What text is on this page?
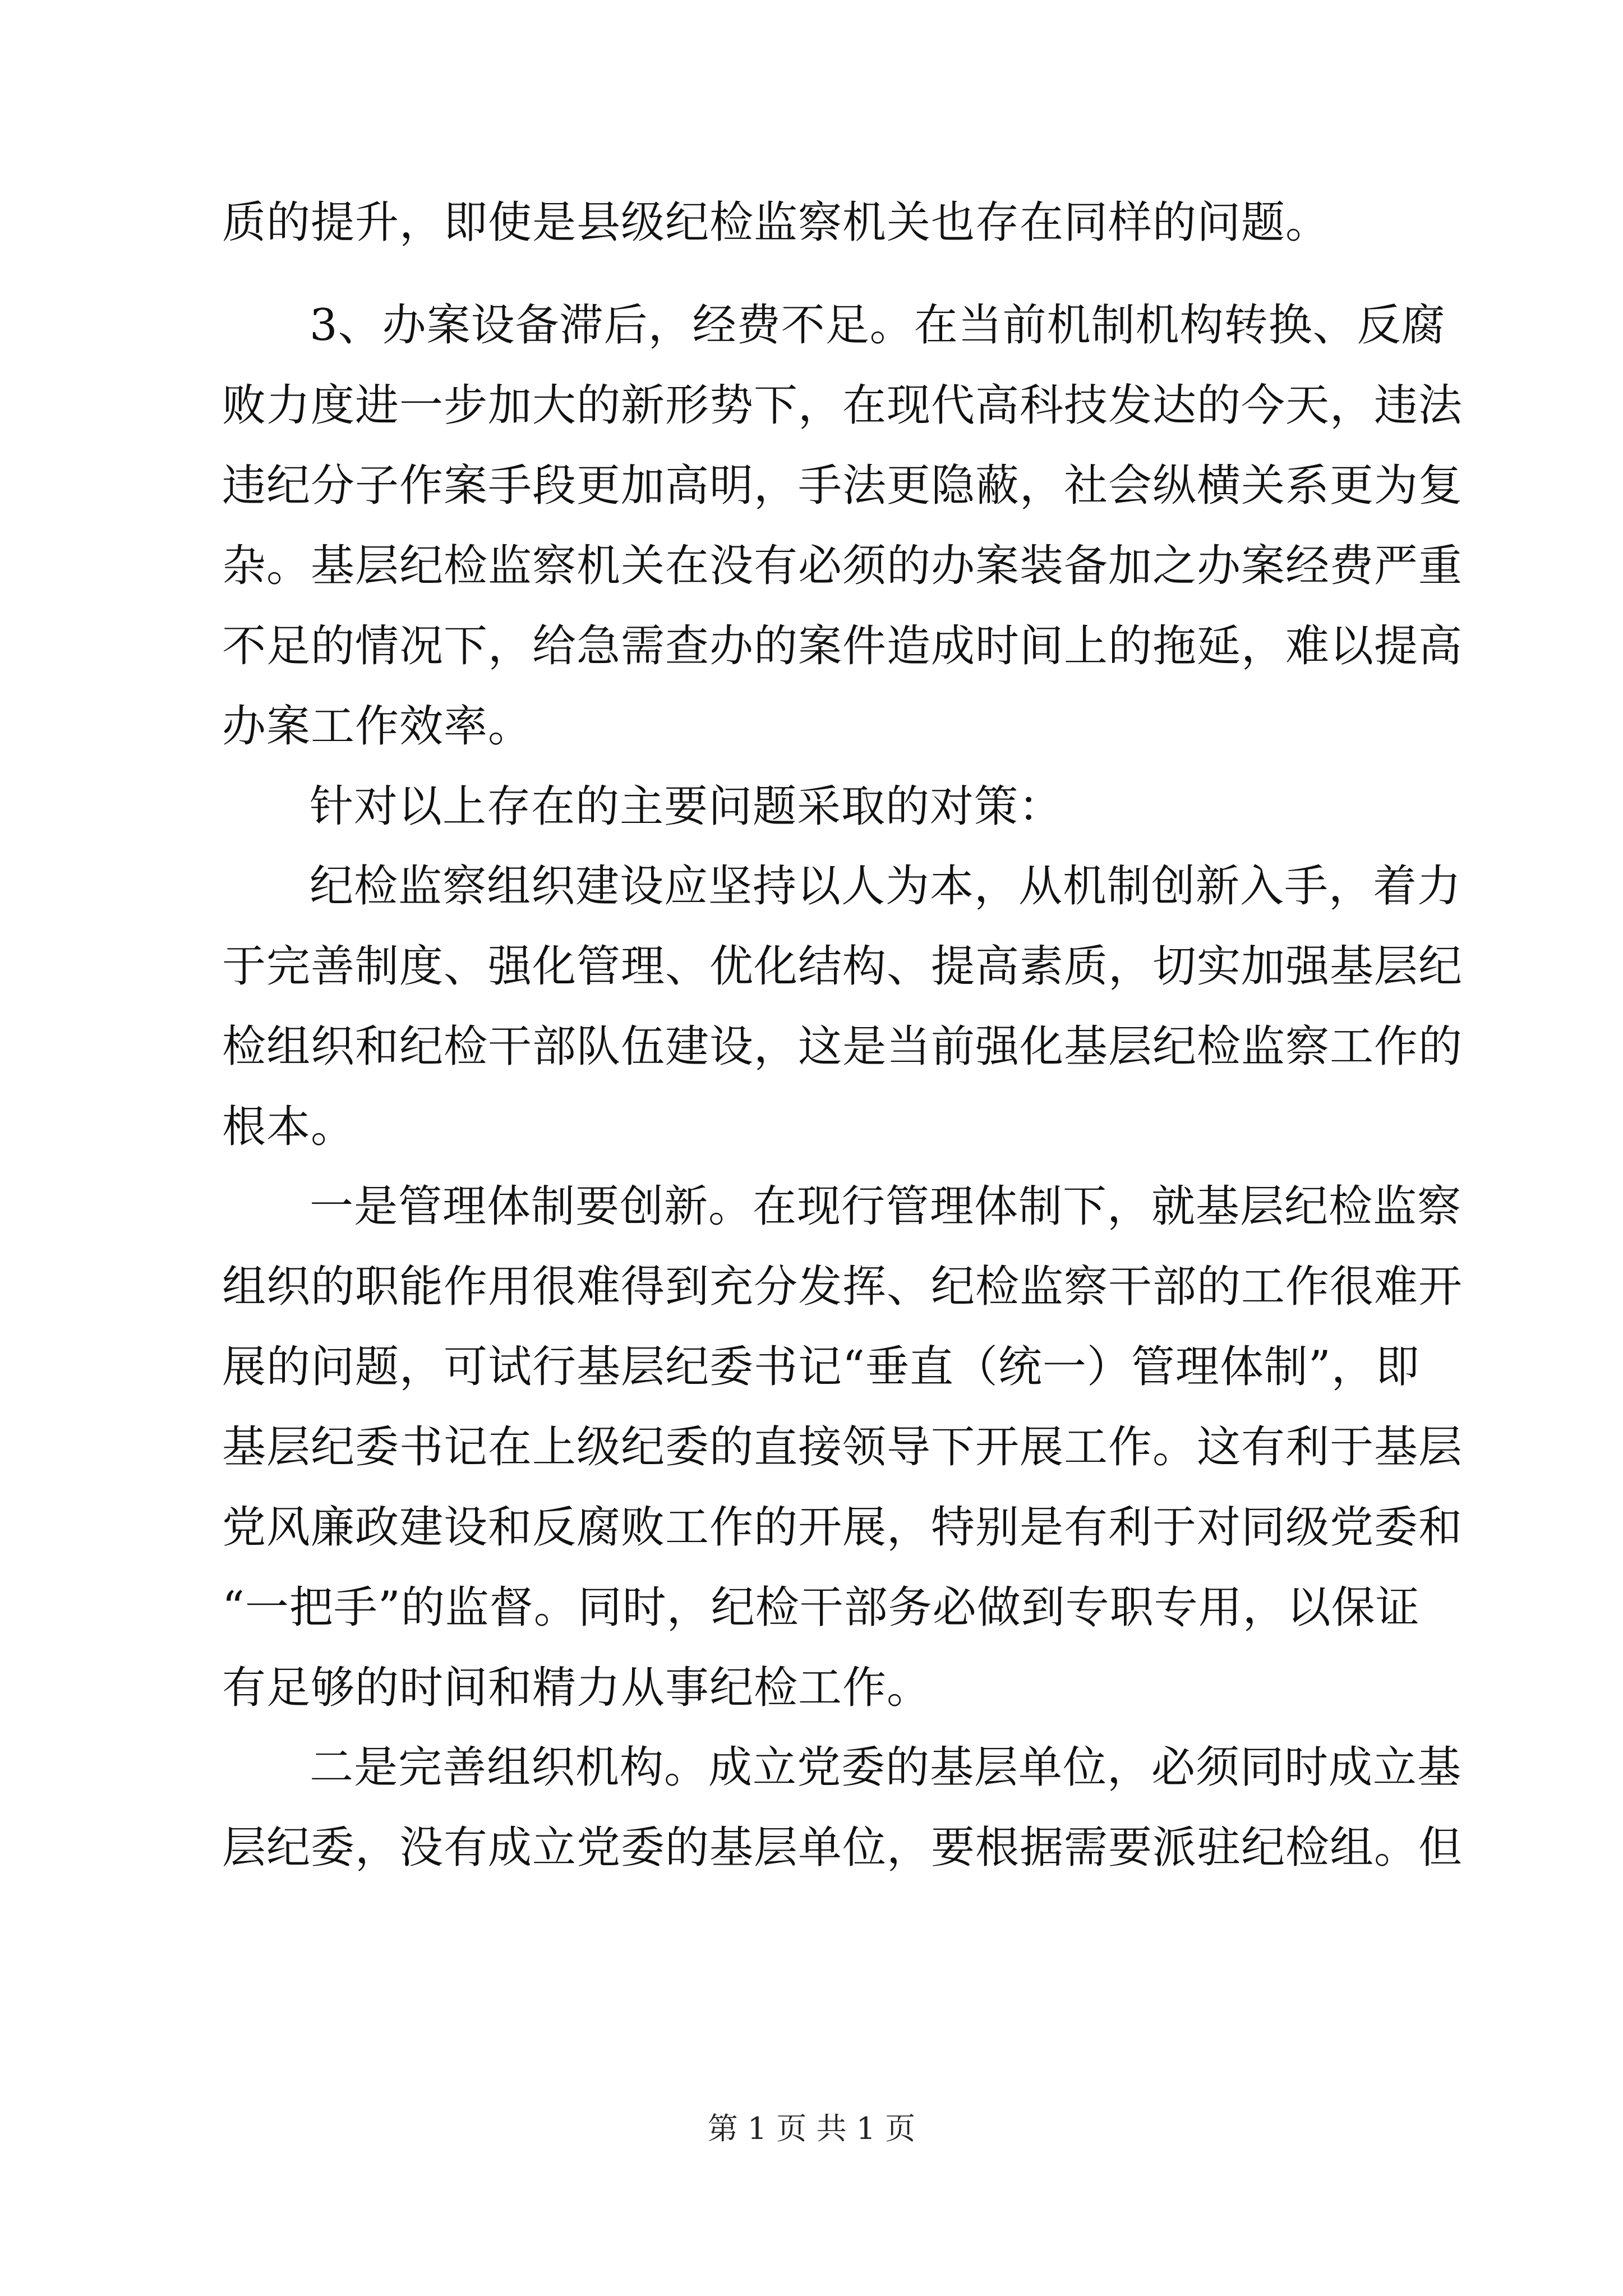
质的提升，即使是县级纪检监察机关也存在同样的问题。
3、办案设备滞后，经费不足。在当前机制机构转换、反腐
败力度进一步加大的新形势下，在现代高科技发达的今天，违法
违纪分子作案手段更加高明，手法更隐蔽，社会纵横关系更为复
杂。基层纪检监察机关在没有必须的办案装备加之办案经费严重
不足的情况下，给急需查办的案件造成时间上的拖延，难以提高
办案工作效率。
针对以上存在的主要问题采取的对策：
纪检监察组织建设应坚持以人为本，从机制创新入手，着力
于完善制度、强化管理、优化结构、提高素质，切实加强基层纪
检组织和纪检干部队伍建设，这是当前强化基层纪检监察工作的
根本。
一是管理体制要创新。在现行管理体制下，就基层纪检监察
组织的职能作用很难得到充分发挥、纪检监察干部的工作很难开
展的问题，可试行基层纪委书记“垂直（统一）管理体制”，即
基层纪委书记在上级纪委的直接领导下开展工作。这有利于基层
党风廉政建设和反腐败工作的开展，特别是有利于对同级党委和
“一把手”的监督。同时，纪检干部务必做到专职专用，以保证
有足够的时间和精力从事纪检工作。
二是完善组织机构。成立党委的基层单位，必须同时成立基
层纪委，没有成立党委的基层单位，要根据需要派驻纪检组。但
第 1 页 共 1 页
